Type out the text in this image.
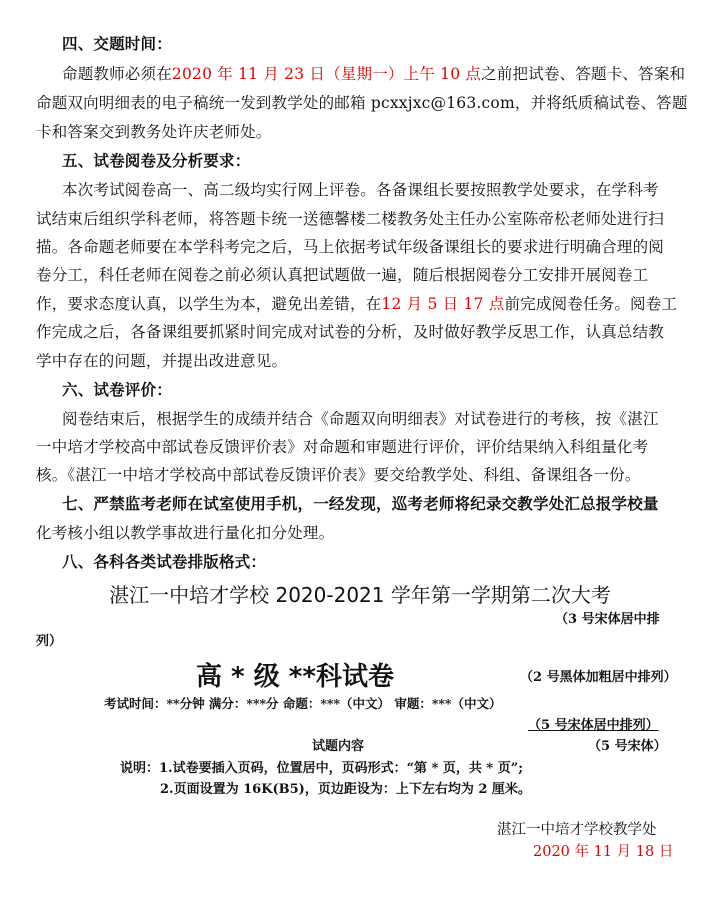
四、交题时间：
命题教师必须在2020 年 11 月 23 日（星期一）上午 10 点之前把试卷、答题卡、答案和
命题双向明细表的电子稿统一发到教学处的邮箱 pcxxjxc@163.com，并将纸质稿试卷、答题
卡和答案交到教务处许庆老师处。
五、试卷阅卷及分析要求：
本次考试阅卷高一、高二级均实行网上评卷。各备课组长要按照教学处要求，在学科考
试结束后组织学科老师，将答题卡统一送德馨楼二楼教务处主任办公室陈帝松老师处进行扫
描。各命题老师要在本学科考完之后，马上依据考试年级备课组长的要求进行明确合理的阅
卷分工，科任老师在阅卷之前必须认真把试题做一遍，随后根据阅卷分工安排开展阅卷工
作，要求态度认真，以学生为本，避免出差错，在12 月 5 日 17 点前完成阅卷任务。阅卷工
作完成之后，各备课组要抓紧时间完成对试卷的分析，及时做好教学反思工作，认真总结教
学中存在的问题，并提出改进意见。
六、试卷评价：
阅卷结束后，根据学生的成绩并结合《命题双向明细表》对试卷进行的考核，按《湛江
一中培才学校高中部试卷反馈评价表》对命题和审题进行评价，评价结果纳入科组量化考
核。《湛江一中培才学校高中部试卷反馈评价表》要交给教学处、科组、备课组各一份。
七、严禁监考老师在试室使用手机，一经发现，巡考老师将纪录交教学处汇总报学校量
化考核小组以教学事故进行量化扣分处理。
八、各科各类试卷排版格式：
湛江一中培才学校 2020-2021 学年第一学期第二次大考
（3 号宋体居中排
列）
高 * 级 **科试卷	（2 号黑体加粗居中排列）
考试时间：**分钟 满分：***分 命题：***（中文） 审题：***（中文）
（5 号宋体居中排列）
试题内容	（5 号宋体）
说明：1.试卷要插入页码，位置居中，页码形式：“第 * 页，共 * 页”;
2.页面设置为 16K(B5)，页边距设为：上下左右均为 2 厘米。
湛江一中培才学校教学处
2020 年 11 月 18 日
